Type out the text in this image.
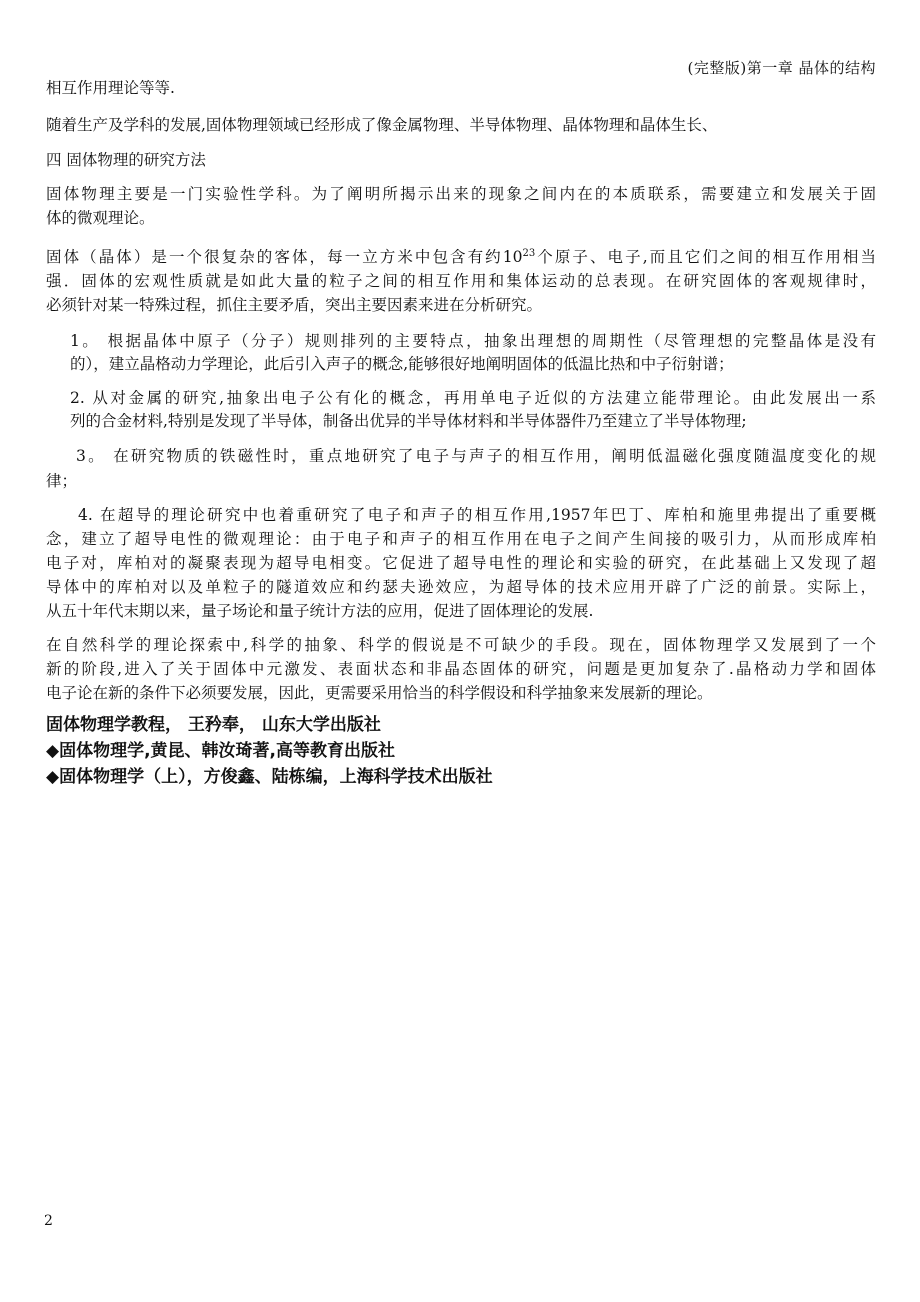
(完整版)第一章 晶体的结构
相互作用理论等等.
随着生产及学科的发展,固体物理领域已经形成了像金属物理、半导体物理、晶体物理和晶体生长、
四 固体物理的研究方法
固体物理主要是一门实验性学科。为了阐明所揭示出来的现象之间内在的本质联系，需要建立和发展关于固
体的微观理论。
固体（晶体）是一个很复杂的客体，每一立方米中包含有约$10^{23}$个原子、电子,而且它们之间的相互作用相当
强．固体的宏观性质就是如此大量的粒子之间的相互作用和集体运动的总表现。在研究固体的客观规律时，
必须针对某一特殊过程，抓住主要矛盾，突出主要因素来进在分析研究。
1。 根据晶体中原子（分子）规则排列的主要特点，抽象出理想的周期性（尽管理想的完整晶体是没有
的），建立晶格动力学理论，此后引入声子的概念,能够很好地阐明固体的低温比热和中子衍射谱；
2. 从对金属的研究,抽象出电子公有化的概念，再用单电子近似的方法建立能带理论。由此发展出一系
列的合金材料,特别是发现了半导体，制备出优异的半导体材料和半导体器件乃至建立了半导体物理;
3。 在研究物质的铁磁性时，重点地研究了电子与声子的相互作用，阐明低温磁化强度随温度变化的规
律；
4. 在超导的理论研究中也着重研究了电子和声子的相互作用,1957年巴丁、库柏和施里弗提出了重要概
念，建立了超导电性的微观理论：由于电子和声子的相互作用在电子之间产生间接的吸引力，从而形成库柏
电子对，库柏对的凝聚表现为超导电相变。它促进了超导电性的理论和实验的研究，在此基础上又发现了超
导体中的库柏对以及单粒子的隧道效应和约瑟夫逊效应，为超导体的技术应用开辟了广泛的前景。实际上，
从五十年代末期以来，量子场论和量子统计方法的应用，促进了固体理论的发展.
在自然科学的理论探索中,科学的抽象、科学的假说是不可缺少的手段。现在，固体物理学又发展到了一个
新的阶段,进入了关于固体中元激发、表面状态和非晶态固体的研究，问题是更加复杂了.晶格动力学和固体
电子论在新的条件下必须要发展，因此，更需要采用恰当的科学假设和科学抽象来发展新的理论。
固体物理学教程， 王矜奉， 山东大学出版社
◆固体物理学,黄昆、韩汝琦著,高等教育出版社
◆固体物理学（上），方俊鑫、陆栋编，上海科学技术出版社
2
